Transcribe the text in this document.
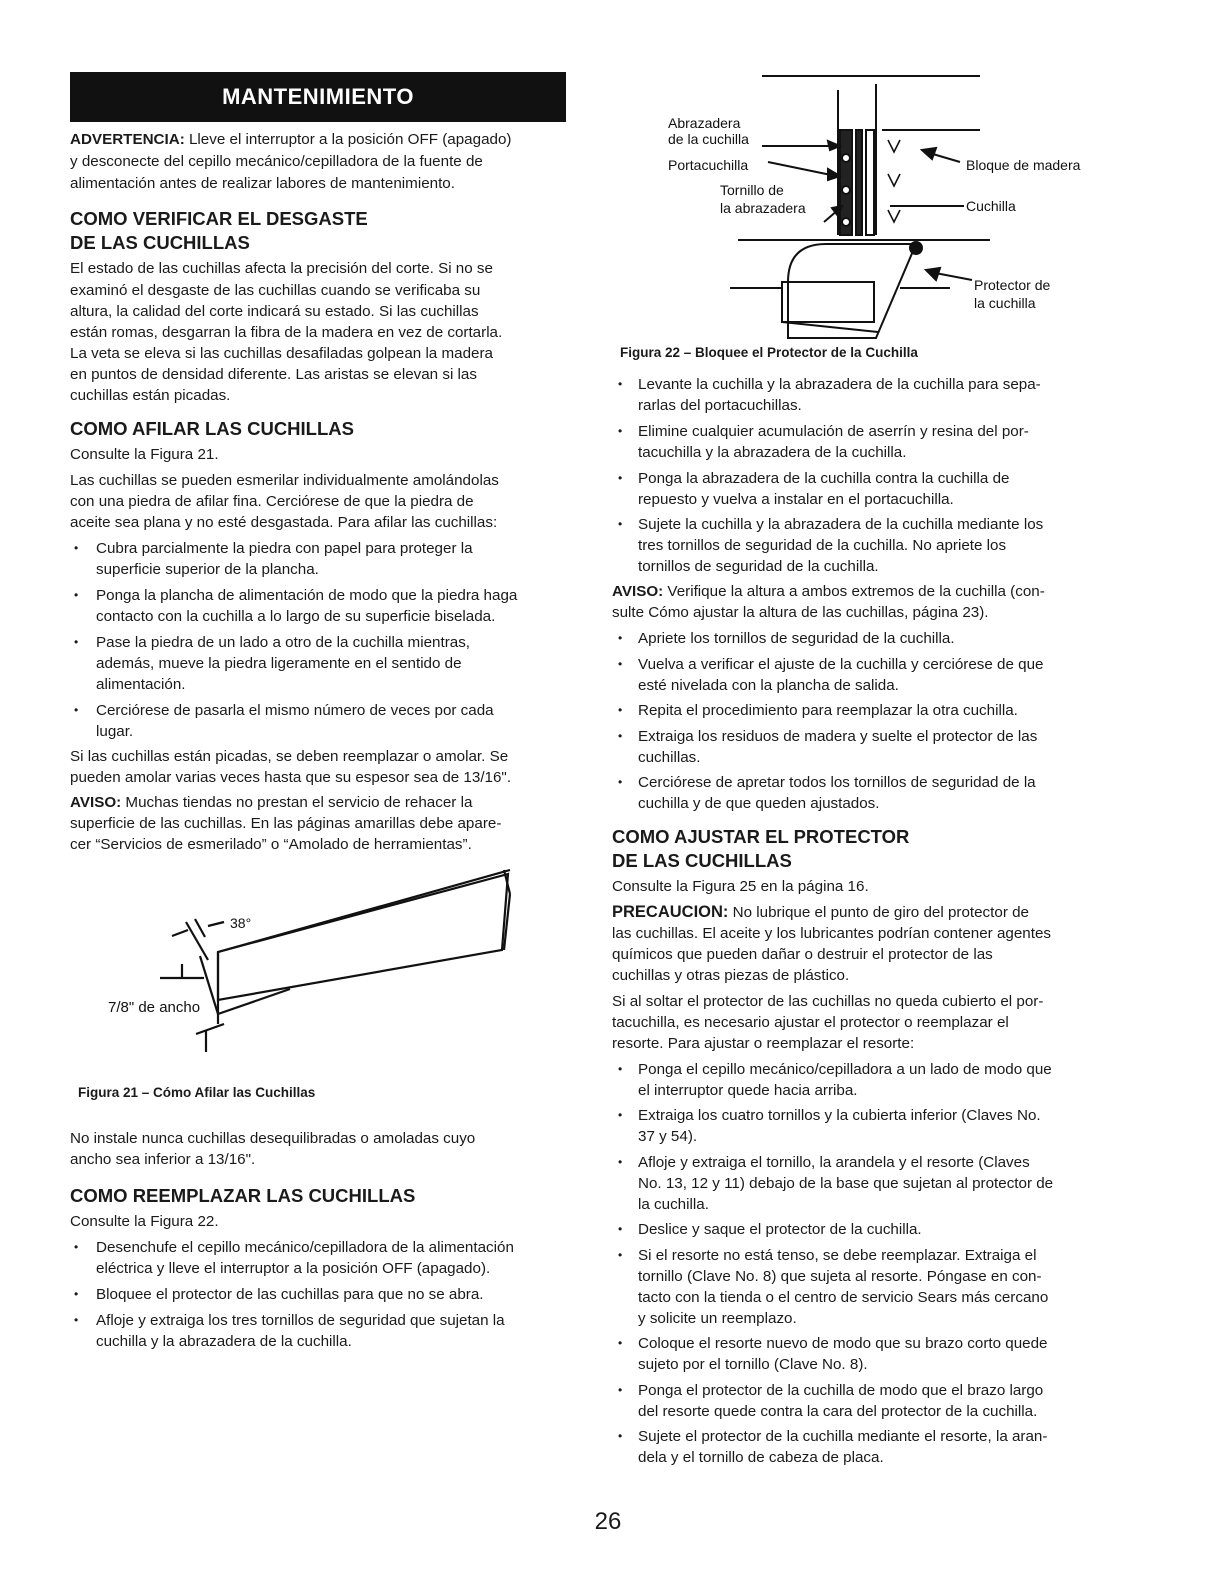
MANTENIMIENTO
ADVERTENCIA: Lleve el interruptor a la posición OFF (apagado)
y desconecte del cepillo mecánico/cepilladora de la fuente de
alimentación antes de realizar labores de mantenimiento.
COMO VERIFICAR EL DESGASTE
DE LAS CUCHILLAS
El estado de las cuchillas afecta la precisión del corte. Si no se
examinó el desgaste de las cuchillas cuando se verificaba su
altura, la calidad del corte indicará su estado. Si las cuchillas
están romas, desgarran la fibra de la madera en vez de cortarla.
La veta se eleva si las cuchillas desafiladas golpean la madera
en puntos de densidad diferente. Las aristas se elevan si las
cuchillas están picadas.
COMO AFILAR LAS CUCHILLAS
Consulte la Figura 21.
Las cuchillas se pueden esmerilar individualmente amolándolas
con una piedra de afilar fina. Cerciórese de que la piedra de
aceite sea plana y no esté desgastada. Para afilar las cuchillas:
• Cubra parcialmente la piedra con papel para proteger la
superficie superior de la plancha.
• Ponga la plancha de alimentación de modo que la piedra haga
contacto con la cuchilla a lo largo de su superficie biselada.
• Pase la piedra de un lado a otro de la cuchilla mientras,
además, mueve la piedra ligeramente en el sentido de
alimentación.
• Cerciórese de pasarla el mismo número de veces por cada
lugar.
Si las cuchillas están picadas, se deben reemplazar o amolar. Se
pueden amolar varias veces hasta que su espesor sea de 13/16".
AVISO: Muchas tiendas no prestan el servicio de rehacer la
superficie de las cuchillas. En las páginas amarillas debe apare-
cer “Servicios de esmerilado” o “Amolado de herramientas”.
38°
7/8" de ancho
Figura 21 – Cómo Afilar las Cuchillas
No instale nunca cuchillas desequilibradas o amoladas cuyo
ancho sea inferior a 13/16".
COMO REEMPLAZAR LAS CUCHILLAS
Consulte la Figura 22.
• Desenchufe el cepillo mecánico/cepilladora de la alimentación
eléctrica y lleve el interruptor a la posición OFF (apagado).
• Bloquee el protector de las cuchillas para que no se abra.
• Afloje y extraiga los tres tornillos de seguridad que sujetan la
cuchilla y la abrazadera de la cuchilla.
Abrazadera
de la cuchilla
Portacuchilla
Tornillo de
la abrazadera
Bloque de madera
Cuchilla
Protector de
la cuchilla
Figura 22 – Bloquee el Protector de la Cuchilla
• Levante la cuchilla y la abrazadera de la cuchilla para sepa-
rarlas del portacuchillas.
• Elimine cualquier acumulación de aserrín y resina del por-
tacuchilla y la abrazadera de la cuchilla.
• Ponga la abrazadera de la cuchilla contra la cuchilla de
repuesto y vuelva a instalar en el portacuchilla.
• Sujete la cuchilla y la abrazadera de la cuchilla mediante los
tres tornillos de seguridad de la cuchilla. No apriete los
tornillos de seguridad de la cuchilla.
AVISO: Verifique la altura a ambos extremos de la cuchilla (con-
sulte Cómo ajustar la altura de las cuchillas, página 23).
• Apriete los tornillos de seguridad de la cuchilla.
• Vuelva a verificar el ajuste de la cuchilla y cerciórese de que
esté nivelada con la plancha de salida.
• Repita el procedimiento para reemplazar la otra cuchilla.
• Extraiga los residuos de madera y suelte el protector de las
cuchillas.
• Cerciórese de apretar todos los tornillos de seguridad de la
cuchilla y de que queden ajustados.
COMO AJUSTAR EL PROTECTOR
DE LAS CUCHILLAS
Consulte la Figura 25 en la página 16.
PRECAUCION: No lubrique el punto de giro del protector de
las cuchillas. El aceite y los lubricantes podrían contener agentes
químicos que pueden dañar o destruir el protector de las
cuchillas y otras piezas de plástico.
Si al soltar el protector de las cuchillas no queda cubierto el por-
tacuchilla, es necesario ajustar el protector o reemplazar el
resorte. Para ajustar o reemplazar el resorte:
• Ponga el cepillo mecánico/cepilladora a un lado de modo que
el interruptor quede hacia arriba.
• Extraiga los cuatro tornillos y la cubierta inferior (Claves No.
37 y 54).
• Afloje y extraiga el tornillo, la arandela y el resorte (Claves
No. 13, 12 y 11) debajo de la base que sujetan al protector de
la cuchilla.
• Deslice y saque el protector de la cuchilla.
• Si el resorte no está tenso, se debe reemplazar. Extraiga el
tornillo (Clave No. 8) que sujeta al resorte. Póngase en con-
tacto con la tienda o el centro de servicio Sears más cercano
y solicite un reemplazo.
• Coloque el resorte nuevo de modo que su brazo corto quede
sujeto por el tornillo (Clave No. 8).
• Ponga el protector de la cuchilla de modo que el brazo largo
del resorte quede contra la cara del protector de la cuchilla.
• Sujete el protector de la cuchilla mediante el resorte, la aran-
dela y el tornillo de cabeza de placa.
26
